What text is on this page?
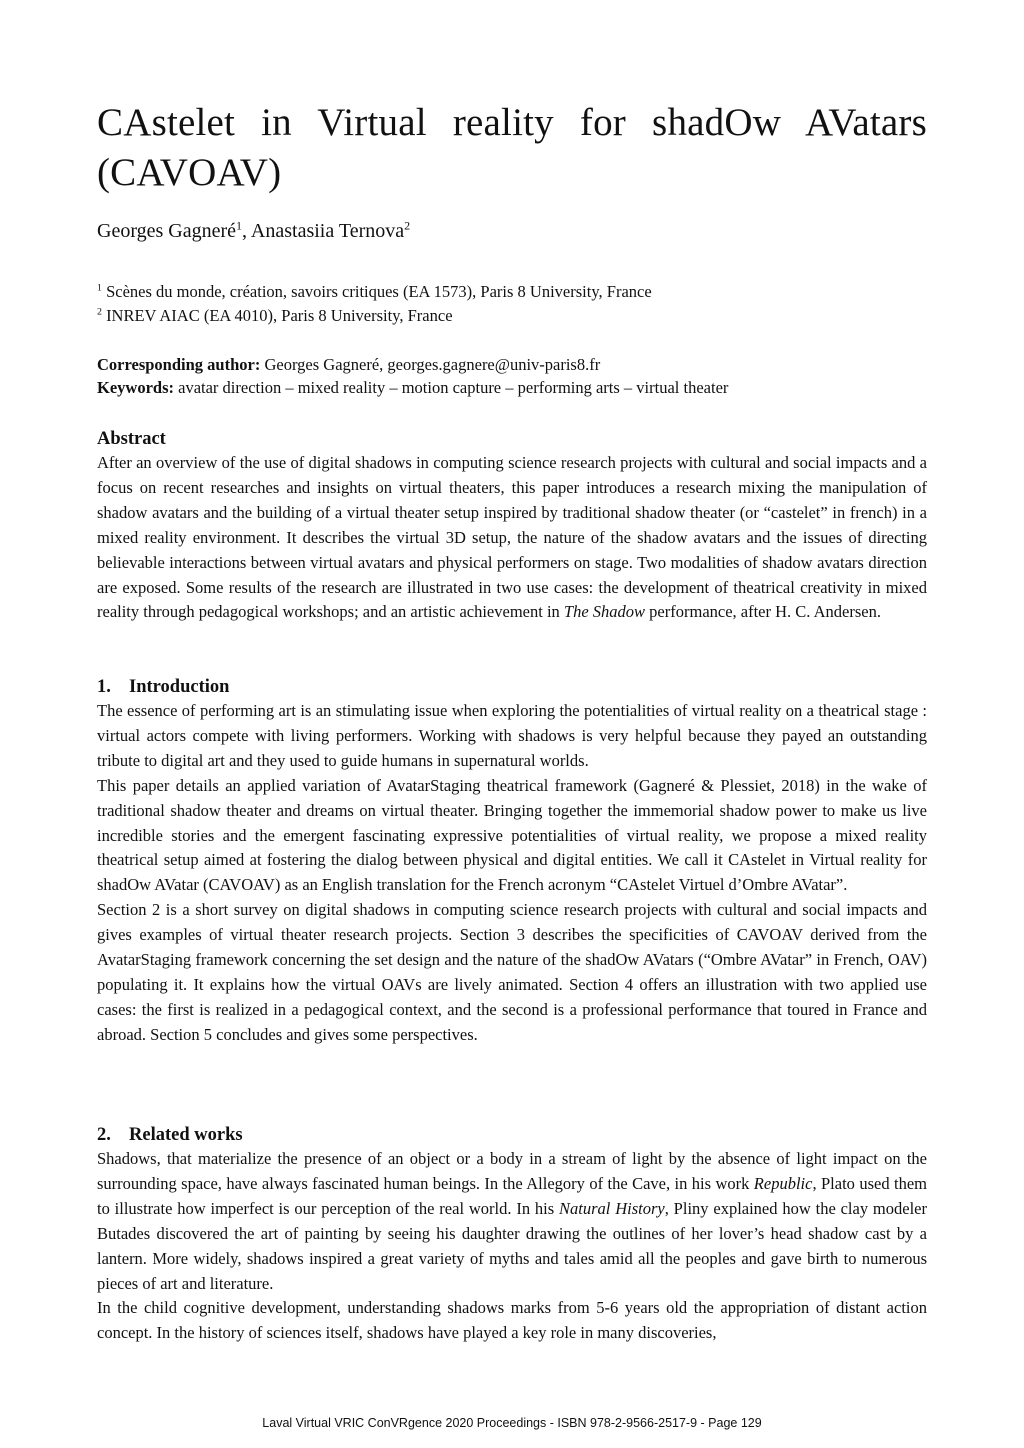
CAstelet in Virtual reality for shadOw AVatars (CAVOAV)
Georges Gagneré$^1$, Anastasiia Ternova$^2$
$^1$ Scènes du monde, création, savoirs critiques (EA 1573), Paris 8 University, France
$^2$ INREV AIAC (EA 4010), Paris 8 University, France
Corresponding author: Georges Gagneré, georges.gagnere@univ-paris8.fr
Keywords: avatar direction – mixed reality – motion capture – performing arts – virtual theater

Abstract

After an overview of the use of digital shadows in computing science research projects with cultural and social impacts and a focus on recent researches and insights on virtual theaters, this paper introduces a research mixing the manipulation of shadow avatars and the building of a virtual theater setup inspired by traditional shadow theater (or “castelet” in french) in a mixed reality environment. It describes the virtual 3D setup, the nature of the shadow avatars and the issues of directing believable interactions between virtual avatars and physical performers on stage. Two modalities of shadow avatars direction are exposed. Some results of the research are illustrated in two use cases: the development of theatrical creativity in mixed reality through pedagogical workshops; and an artistic achievement in The Shadow performance, after H. C. Andersen.

1. Introduction

The essence of performing art is an stimulating issue when exploring the potentialities of virtual reality on a theatrical stage : virtual actors compete with living performers. Working with shadows is very helpful because they payed an outstanding tribute to digital art and they used to guide humans in supernatural worlds.

This paper details an applied variation of AvatarStaging theatrical framework (Gagneré & Plessiet, 2018) in the wake of traditional shadow theater and dreams on virtual theater. Bringing together the immemorial shadow power to make us live incredible stories and the emergent fascinating expressive potentialities of virtual reality, we propose a mixed reality theatrical setup aimed at fostering the dialog between physical and digital entities. We call it CAstelet in Virtual reality for shadOw AVatar (CAVOAV) as an English translation for the French acronym “CAstelet Virtuel d’Ombre AVatar”.

Section 2 is a short survey on digital shadows in computing science research projects with cultural and social impacts and gives examples of virtual theater research projects. Section 3 describes the specificities of CAVOAV derived from the AvatarStaging framework concerning the set design and the nature of the shadOw AVatars (“Ombre AVatar” in French, OAV) populating it. It explains how the virtual OAVs are lively animated. Section 4 offers an illustration with two applied use cases: the first is realized in a pedagogical context, and the second is a professional performance that toured in France and abroad. Section 5 concludes and gives some perspectives.

2. Related works

Shadows, that materialize the presence of an object or a body in a stream of light by the absence of light impact on the surrounding space, have always fascinated human beings. In the Allegory of the Cave, in his work Republic, Plato used them to illustrate how imperfect is our perception of the real world. In his Natural History, Pliny explained how the clay modeler Butades discovered the art of painting by seeing his daughter drawing the outlines of her lover’s head shadow cast by a lantern. More widely, shadows inspired a great variety of myths and tales amid all the peoples and gave birth to numerous pieces of art and literature.

In the child cognitive development, understanding shadows marks from 5-6 years old the appropriation of distant action concept. In the history of sciences itself, shadows have played a key role in many discoveries,

Laval Virtual VRIC ConVRgence 2020 Proceedings - ISBN 978-2-9566-2517-9 - Page 129
